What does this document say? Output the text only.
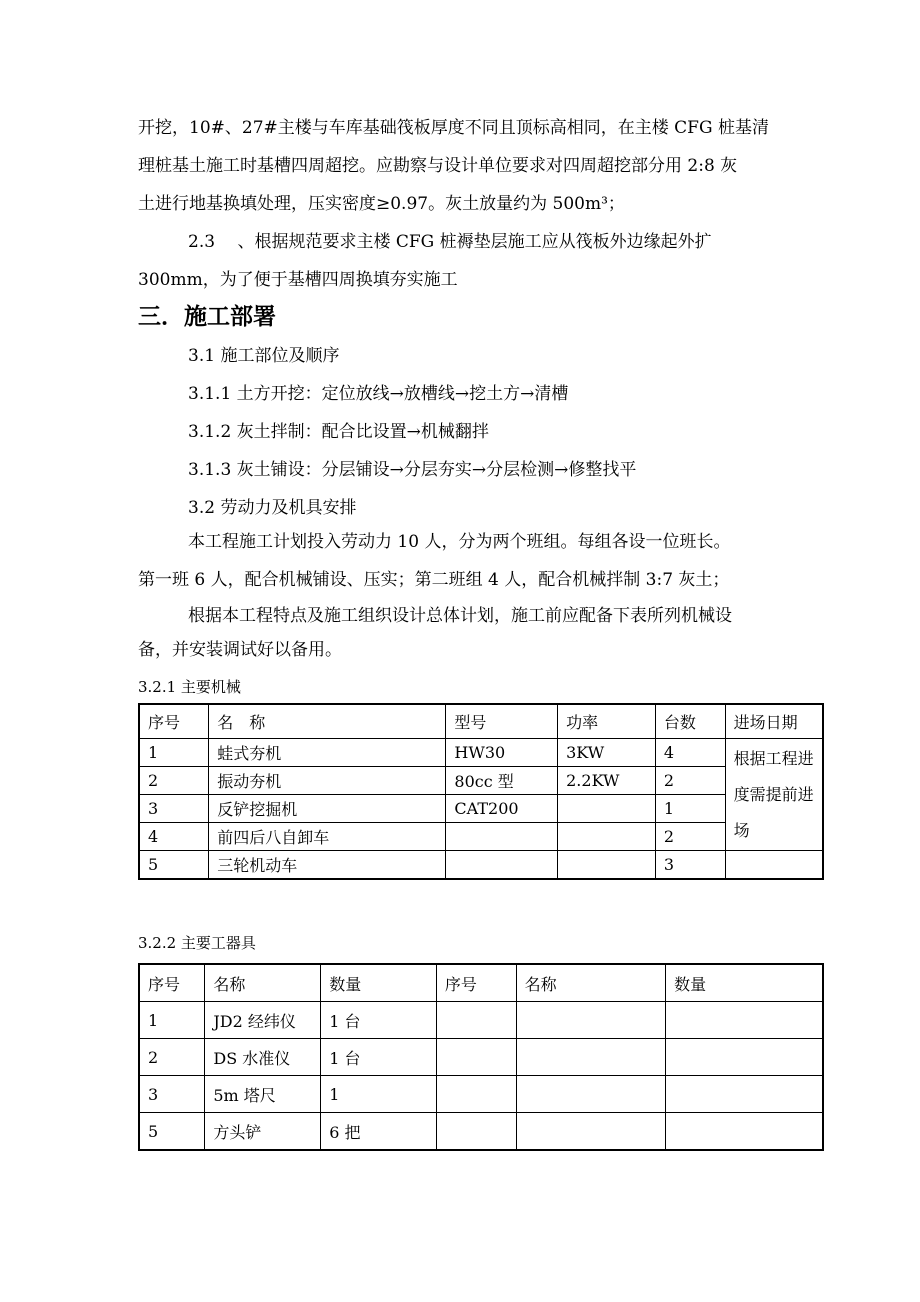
开挖，10#、27#主楼与车库基础筏板厚度不同且顶标高相同，在主楼 CFG 桩基清
理桩基土施工时基槽四周超挖。应勘察与设计单位要求对四周超挖部分用 2:8 灰
土进行地基换填处理，压实密度≥0.97。灰土放量约为 500m³；
2.3　 、根据规范要求主楼 CFG 桩褥垫层施工应从筏板外边缘起外扩
300mm，为了便于基槽四周换填夯实施工
三．施工部署
3.1 施工部位及顺序
3.1.1 土方开挖：定位放线→放槽线→挖土方→清槽
3.1.2 灰土拌制：配合比设置→机械翻拌
3.1.3 灰土铺设：分层铺设→分层夯实→分层检测→修整找平
3.2 劳动力及机具安排
本工程施工计划投入劳动力 10 人，分为两个班组。每组各设一位班长。
第一班 6 人，配合机械铺设、压实；第二班组 4 人，配合机械拌制 3:7 灰土；
根据本工程特点及施工组织设计总体计划，施工前应配备下表所列机械设
备，并安装调试好以备用。
3.2.1 主要机械
序号	名　称	型号	功率	台数	进场日期
1	蛙式夯机	HW30	3KW	4	根据工程进度需提前进场
2	振动夯机	80cc 型	2.2KW	2	
3	反铲挖掘机	CAT200		1	
4	前四后八自卸车			2	
5	三轮机动车			3	
3.2.2 主要工器具
序号	名称	数量	序号	名称	数量
1	JD2 经纬仪	1 台			
2	DS 水准仪	1 台			
3	5m 塔尺	1			
5	方头铲	6 把			
